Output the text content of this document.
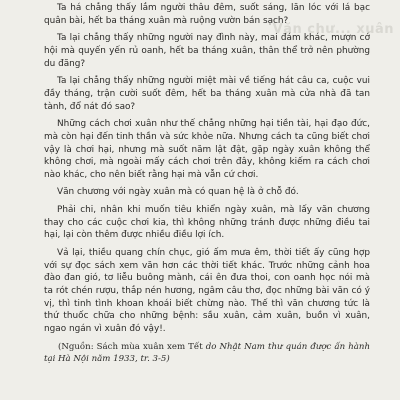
Văn chư... xuân

Ta há chẳng thấy lắm người thâu đêm, suốt sáng, lăn lóc với lá bạc quân bài, hết ba tháng xuân mà ruộng vườn bán sạch?

Ta lại chẳng thấy những người nay đình này, mai đám khác, mượn cớ hội mà quyến yến rủ oanh, hết ba tháng xuân, thân thể trở nên phường du đãng?

Ta lại chẳng thấy những người miệt mài về tiếng hát câu ca, cuộc vui đầy tháng, trận cười suốt đêm, hết ba tháng xuân mà cửa nhà đã tan tành, đổ nát đó sao?

Những cách chơi xuân như thế chẳng những hại tiền tài, hại đạo đức, mà còn hại đến tinh thần và sức khỏe nữa. Nhưng cách ta cũng biết chơi vậy là chơi hại, nhưng mà suốt năm lật đật, gặp ngày xuân không thể không chơi, mà ngoài mấy cách chơi trên đây, không kiếm ra cách chơi nào khác, cho nên biết rằng hại mà vẫn cứ chơi.

Văn chương với ngày xuân mà có quan hệ là ở chỗ đó.

Phải chi, nhân khi muốn tiêu khiển ngày xuân, mà lấy văn chương thay cho các cuộc chơi kia, thì không những tránh được những điều tai hại, lại còn thêm được nhiều điều lợi ích.

Vả lại, thiều quang chín chục, gió ấm mưa êm, thời tiết ấy cũng hợp với sự đọc sách xem văn hơn các thời tiết khác. Trước những cảnh hoa đào đan gió, tơ liễu buông mành, cái ên đưa thoi, con oanh học nói mà ta rót chén rượu, thắp nén hương, ngâm câu thơ, đọc những bài văn có ý vị, thì tinh tình khoan khoái biết chừng nào. Thế thì văn chương tức là thứ thuốc chữa cho những bệnh: sầu xuân, cảm xuân, buồn vì xuân, ngao ngán vì xuân đó vậy!.

(Nguồn: Sách mùa xuân xem Tết do Nhật Nam thư quán được ấn hành tại Hà Nội năm 1933, tr. 3-5)
